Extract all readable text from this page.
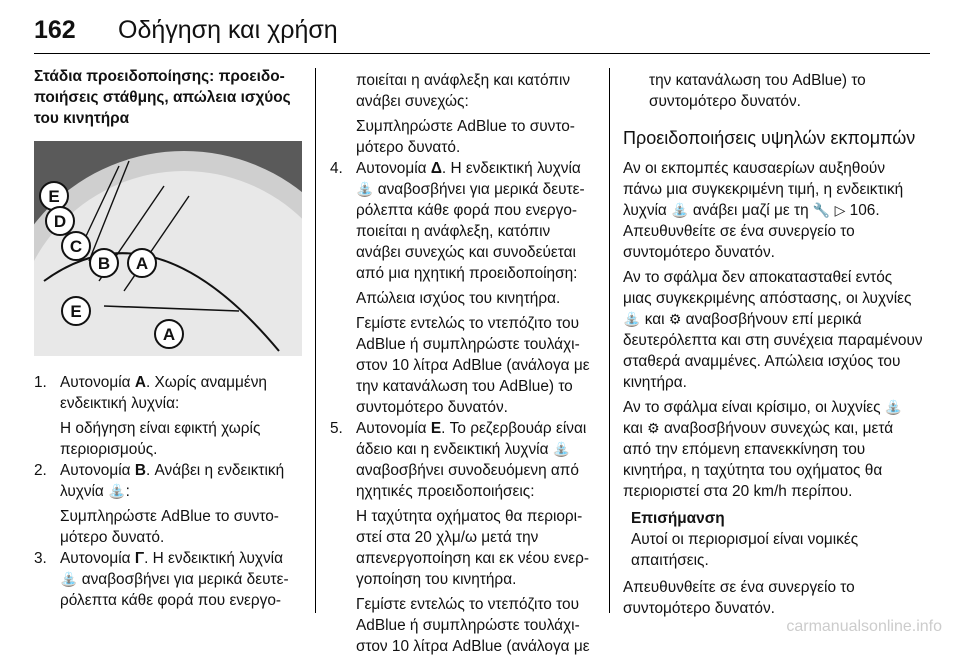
162 Οδήγηση και χρήση
Στάδια προειδοποίησης: προειδοποιήσεις στάθμης, απώλεια ισχύος του κινητήρα
E
D
C
B A
E
A
1. Αυτονομία A. Χωρίς αναμμένη ενδεικτική λυχνία:

Η οδήγηση είναι εφικτή χωρίς περιορισμούς.

2. Αυτονομία B. Ανάβει η ενδεικτική λυχνία ⛲:

Συμπληρώστε AdBlue το συντομότερο δυνατό.

3. Αυτονομία Γ. Η ενδεικτική λυχνία ⛲ αναβοσβήνει για μερικά δευτερόλεπτα κάθε φορά που ενεργο-

ποιείται η ανάφλεξη και κατόπιν ανάβει συνεχώς:

Συμπληρώστε AdBlue το συντομότερο δυνατό.

4. Αυτονομία Δ. Η ενδεικτική λυχνία ⛲ αναβοσβήνει για μερικά δευτερόλεπτα κάθε φορά που ενεργοποιείται η ανάφλεξη, κατόπιν ανάβει συνεχώς και συνοδεύεται από μια ηχητική προειδοποίηση:

Απώλεια ισχύος του κινητήρα.

Γεμίστε εντελώς το ντεπόζιτο του AdBlue ή συμπληρώστε τουλάχιστον 10 λίτρα AdBlue (ανάλογα με την κατανάλωση του AdBlue) το συντομότερο δυνατόν.

5. Αυτονομία E. Το ρεζερβουάρ είναι άδειο και η ενδεικτική λυχνία ⛲ αναβοσβήνει συνοδευόμενη από ηχητικές προειδοποιήσεις:

Η ταχύτητα οχήματος θα περιοριστεί στα 20 χλμ/ω μετά την απενεργοποίηση και εκ νέου ενεργοποίηση του κινητήρα.

Γεμίστε εντελώς το ντεπόζιτο του AdBlue ή συμπληρώστε τουλάχιστον 10 λίτρα AdBlue (ανάλογα με

την κατανάλωση του AdBlue) το συντομότερο δυνατόν.

Προειδοποιήσεις υψηλών εκπομπών

Αν οι εκπομπές καυσαερίων αυξηθούν πάνω μια συγκεκριμένη τιμή, η ενδεικτική λυχνία ⛲ ανάβει μαζί με τη 🔧 ▷ 106. Απευθυνθείτε σε ένα συνεργείο το συντομότερο δυνατόν.

Αν το σφάλμα δεν αποκατασταθεί εντός μιας συγκεκριμένης απόστασης, οι λυχνίες ⛲ και ⚙ αναβοσβήνουν επί μερικά δευτερόλεπτα και στη συνέχεια παραμένουν σταθερά αναμμένες. Απώλεια ισχύος του κινητήρα.

Αν το σφάλμα είναι κρίσιμο, οι λυχνίες ⛲ και ⚙ αναβοσβήνουν συνεχώς και, μετά από την επόμενη επανεκκίνηση του κινητήρα, η ταχύτητα του οχήματος θα περιοριστεί στα 20 km/h περίπου.

Επισήμανση
Αυτοί οι περιορισμοί είναι νομικές απαιτήσεις.

Απευθυνθείτε σε ένα συνεργείο το συντομότερο δυνατόν.

carmanualsonline.info
